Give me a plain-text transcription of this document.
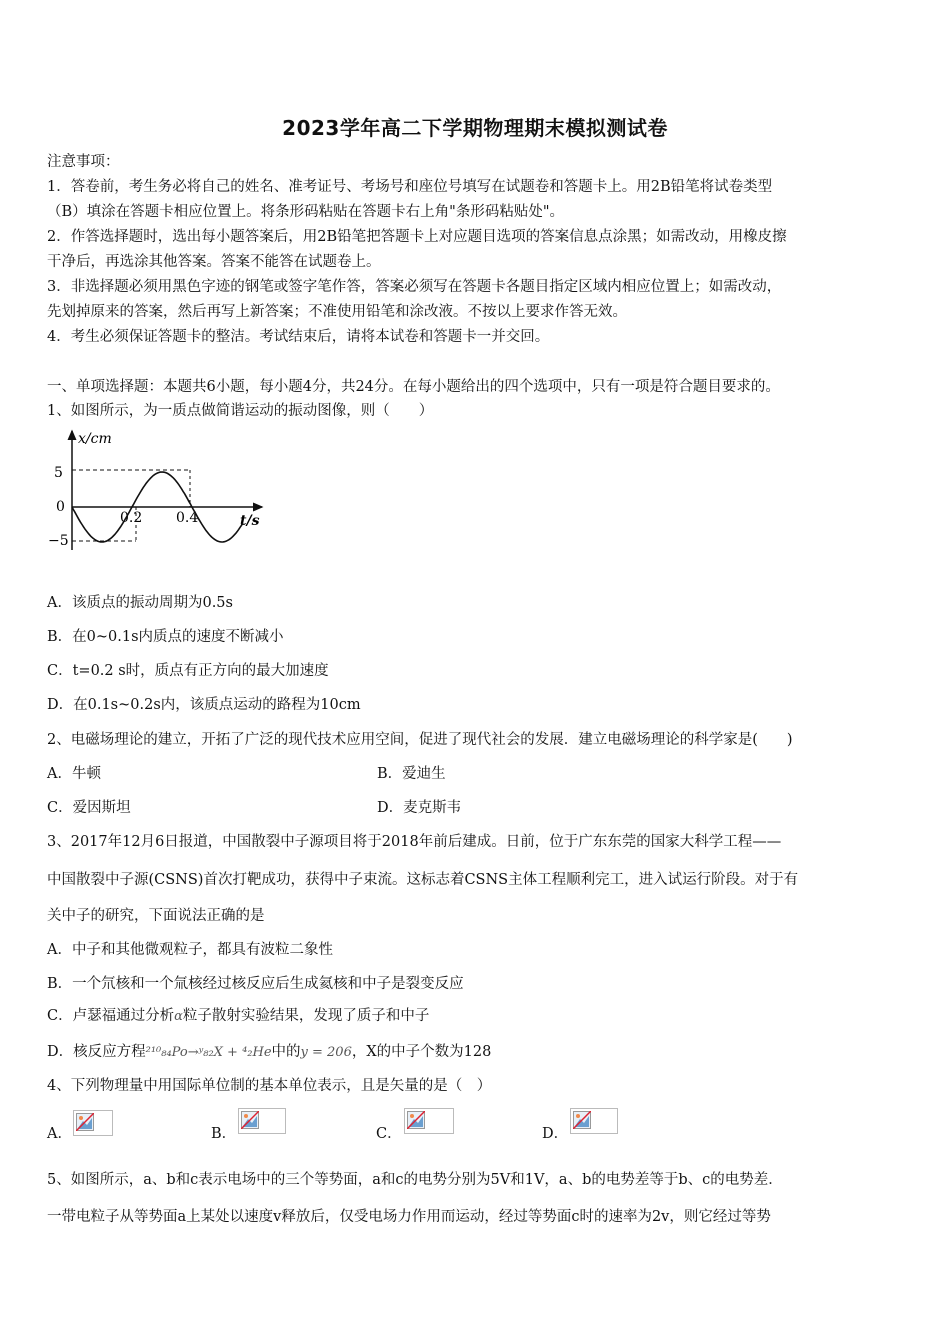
2023学年高二下学期物理期末模拟测试卷
注意事项：
1．答卷前，考生务必将自己的姓名、准考证号、考场号和座位号填写在试题卷和答题卡上。用2B铅笔将试卷类型
（B）填涂在答题卡相应位置上。将条形码粘贴在答题卡右上角"条形码粘贴处"。
2．作答选择题时，选出每小题答案后，用2B铅笔把答题卡上对应题目选项的答案信息点涂黑；如需改动，用橡皮擦
干净后，再选涂其他答案。答案不能答在试题卷上。
3．非选择题必须用黑色字迹的钢笔或签字笔作答，答案必须写在答题卡各题目指定区域内相应位置上；如需改动，
先划掉原来的答案，然后再写上新答案；不准使用铅笔和涂改液。不按以上要求作答无效。
4．考生必须保证答题卡的整洁。考试结束后，请将本试卷和答题卡一并交回。
一、单项选择题：本题共6小题，每小题4分，共24分。在每小题给出的四个选项中，只有一项是符合题目要求的。
1、如图所示，为一质点做简谐运动的振动图像，则（　　）
x/cm
t/s
5
0
−5
0.2 0.4
A．该质点的振动周期为0.5s
B．在0~0.1s内质点的速度不断减小
C．t=0.2 s时，质点有正方向的最大加速度
D．在0.1s~0.2s内，该质点运动的路程为10cm
2、电磁场理论的建立，开拓了广泛的现代技术应用空间，促进了现代社会的发展．建立电磁场理论的科学家是(　　)
A．牛顿	B．爱迪生
C．爱因斯坦	D．麦克斯韦
3、2017年12月6日报道，中国散裂中子源项目将于2018年前后建成。日前，位于广东东莞的国家大科学工程——
中国散裂中子源(CSNS)首次打靶成功，获得中子束流。这标志着CSNS主体工程顺利完工，进入试运行阶段。对于有
关中子的研究，下面说法正确的是
A．中子和其他微观粒子，都具有波粒二象性
B．一个氘核和一个氚核经过核反应后生成氦核和中子是裂变反应
C．卢瑟福通过分析α粒子散射实验结果，发现了质子和中子
D．核反应方程²¹⁰₈₄Po→ʸ₈₂X + ⁴₂He中的y = 206，X的中子个数为128
4、下列物理量中用国际单位制的基本单位表示，且是矢量的是（　）
A．	B．	C．	D．
5、如图所示，a、b和c表示电场中的三个等势面，a和c的电势分别为5V和1V，a、b的电势差等于b、c的电势差．
一带电粒子从等势面a上某处以速度v释放后，仅受电场力作用而运动，经过等势面c时的速率为2v，则它经过等势
